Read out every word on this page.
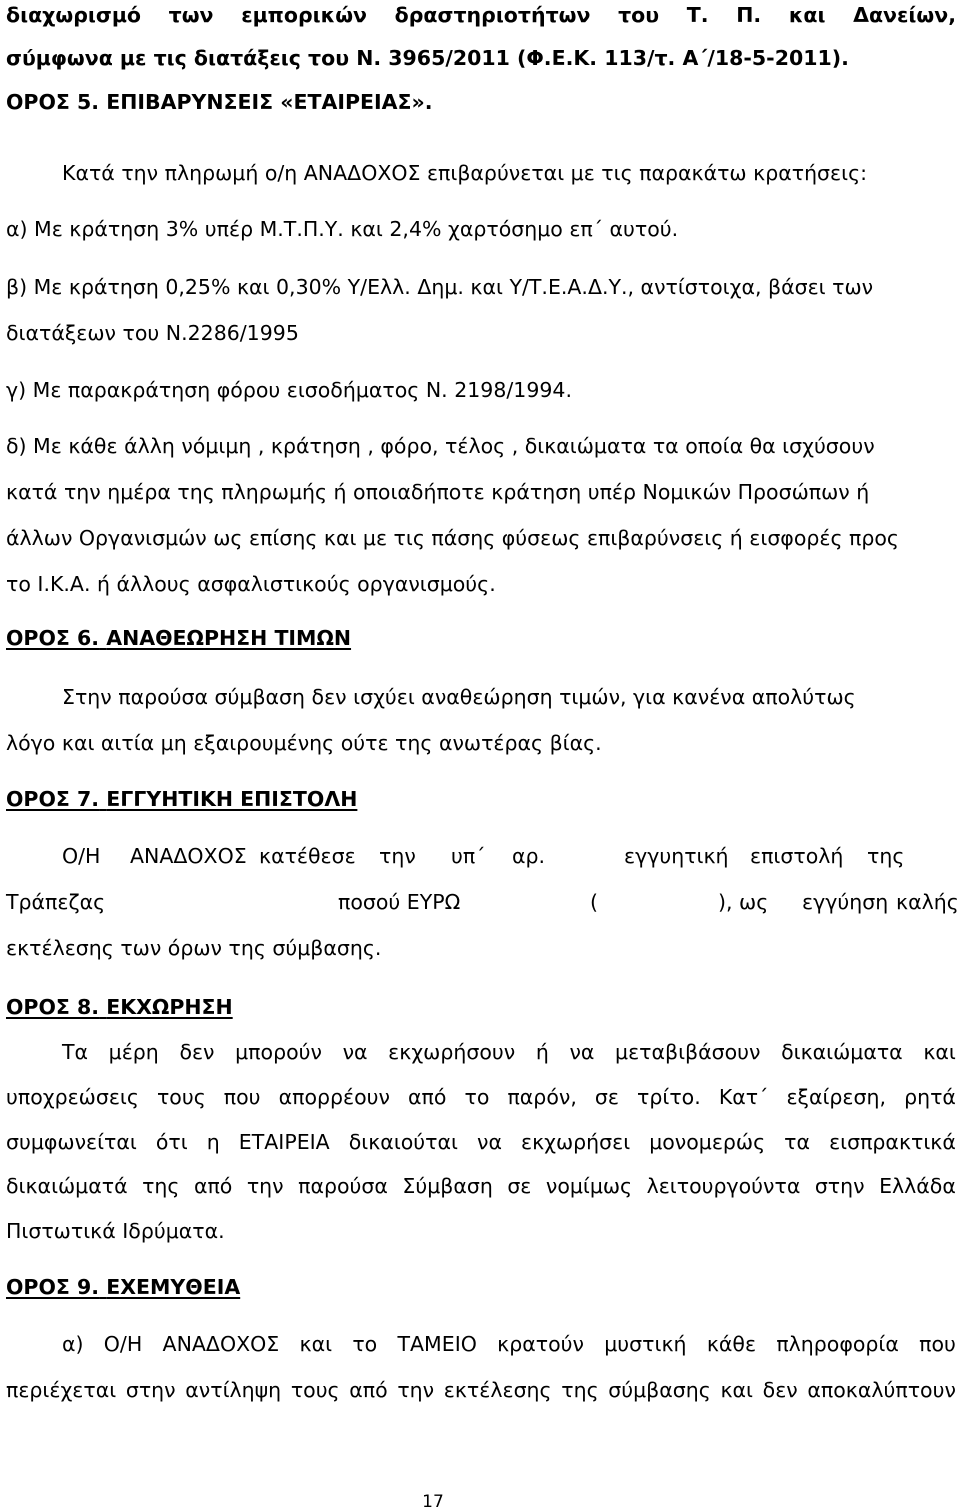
διαχωρισμό των εμπορικών δραστηριοτήτων του Τ. Π. και Δανείων,
σύμφωνα με τις διατάξεις του Ν. 3965/2011 (Φ.Ε.Κ. 113/τ. Α΄/18-5-2011).
ΟΡΟΣ 5. ΕΠΙΒΑΡΥΝΣΕΙΣ «ΕΤΑΙΡΕΙΑΣ».
Κατά την πληρωμή ο/η ΑΝΑΔΟΧΟΣ επιβαρύνεται με τις παρακάτω κρατήσεις:
α) Με κράτηση 3% υπέρ Μ.Τ.Π.Υ. και 2,4% χαρτόσημο επ΄ αυτού.
β) Με κράτηση 0,25% και 0,30% Υ/Ελλ. Δημ. και Υ/Τ.Ε.Α.Δ.Υ., αντίστοιχα, βάσει των
διατάξεων του Ν.2286/1995
γ) Με παρακράτηση φόρου εισοδήματος Ν. 2198/1994.
δ) Με κάθε άλλη νόμιμη , κράτηση , φόρο, τέλος , δικαιώματα τα οποία θα ισχύσουν
κατά την ημέρα της πληρωμής ή οποιαδήποτε κράτηση υπέρ Νομικών Προσώπων ή
άλλων Οργανισμών ως επίσης και με τις πάσης φύσεως επιβαρύνσεις ή εισφορές προς
το Ι.Κ.Α. ή άλλους ασφαλιστικούς οργανισμούς.
ΟΡΟΣ 6. ΑΝΑΘΕΩΡΗΣΗ ΤΙΜΩΝ
Στην παρούσα σύμβαση δεν ισχύει αναθεώρηση τιμών, για κανένα απολύτως
λόγο και αιτία μη εξαιρουμένης ούτε της ανωτέρας βίας.
ΟΡΟΣ 7. ΕΓΓΥΗΤΙΚΗ ΕΠΙΣΤΟΛΗ
Ο/Η ΑΝΑΔΟΧΟΣ κατέθεσε την υπ΄ αρ.	εγγυητική επιστολή της
Τράπεζας	ποσού ΕΥΡΩ	(	), ως εγγύηση καλής
εκτέλεσης των όρων της σύμβασης.
ΟΡΟΣ 8. ΕΚΧΩΡΗΣΗ
Τα μέρη δεν μπορούν να εκχωρήσουν ή να μεταβιβάσουν δικαιώματα και
υποχρεώσεις τους που απορρέουν από το παρόν, σε τρίτο. Κατ΄ εξαίρεση, ρητά
συμφωνείται ότι η ΕΤΑΙΡΕΙΑ δικαιούται να εκχωρήσει μονομερώς τα εισπρακτικά
δικαιώματά της από την παρούσα Σύμβαση σε νομίμως λειτουργούντα στην Ελλάδα
Πιστωτικά Ιδρύματα.
ΟΡΟΣ 9. ΕΧΕΜΥΘΕΙΑ
α) Ο/Η ΑΝΑΔΟΧΟΣ και το ΤΑΜΕΙΟ κρατούν μυστική κάθε πληροφορία που
περιέχεται στην αντίληψη τους από την εκτέλεσης της σύμβασης και δεν αποκαλύπτουν
17
